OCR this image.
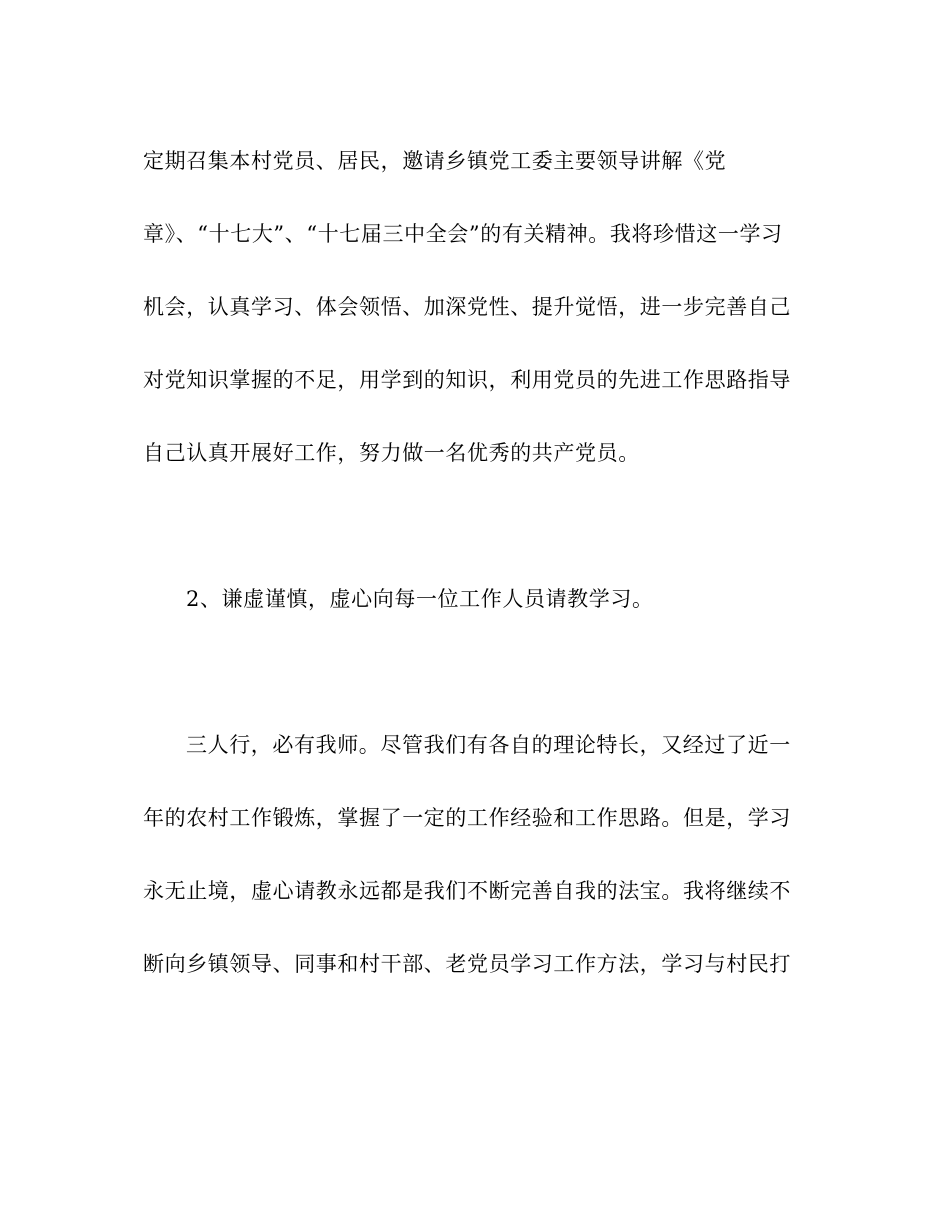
定期召集本村党员、居民，邀请乡镇党工委主要领导讲解《党
章》、“十七大”、“十七届三中全会”的有关精神。我将珍惜这一学习
机会，认真学习、体会领悟、加深党性、提升觉悟，进一步完善自己
对党知识掌握的不足，用学到的知识，利用党员的先进工作思路指导
自己认真开展好工作，努力做一名优秀的共产党员。
2、谦虚谨慎，虚心向每一位工作人员请教学习。
三人行，必有我师。尽管我们有各自的理论特长，又经过了近一
年的农村工作锻炼，掌握了一定的工作经验和工作思路。但是，学习
永无止境，虚心请教永远都是我们不断完善自我的法宝。我将继续不
断向乡镇领导、同事和村干部、老党员学习工作方法，学习与村民打
